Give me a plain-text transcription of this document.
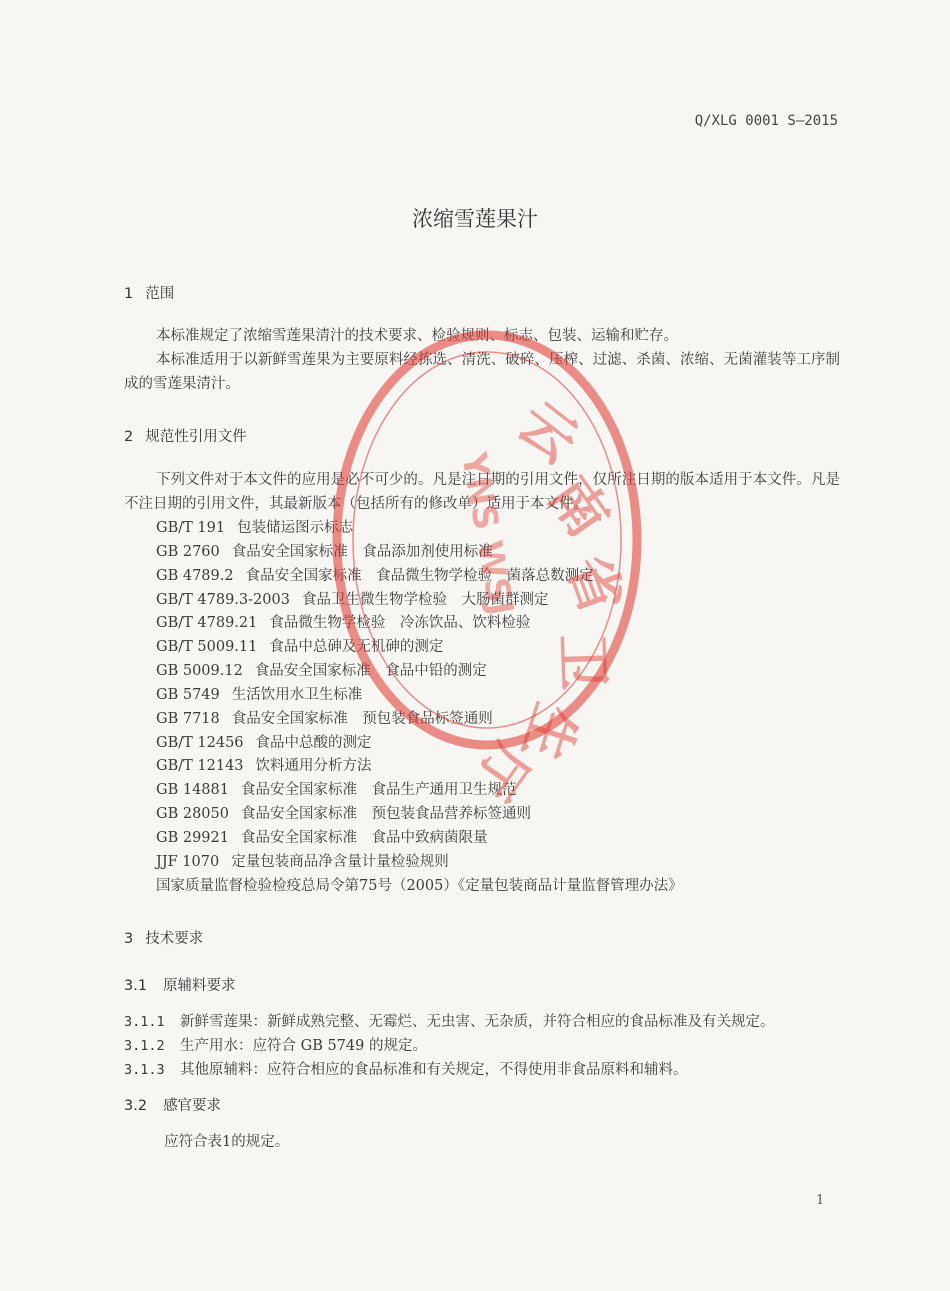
Q/XLG 0001 S—2015
浓缩雪莲果汁
1 范围

本标准规定了浓缩雪莲果清汁的技术要求、检验规则、标志、包装、运输和贮存。

本标准适用于以新鲜雪莲果为主要原料经拣选、清洗、破碎、压榨、过滤、杀菌、浓缩、无菌灌装等工序制成的雪莲果清汁。

2 规范性引用文件

下列文件对于本文件的应用是必不可少的。凡是注日期的引用文件，仅所注日期的版本适用于本文件。凡是不注日期的引用文件，其最新版本（包括所有的修改单）适用于本文件。

GB/T 191 包装储运图示标志
GB 2760 食品安全国家标准　食品添加剂使用标准
GB 4789.2 食品安全国家标准　食品微生物学检验　菌落总数测定
GB/T 4789.3-2003 食品卫生微生物学检验　大肠菌群测定
GB/T 4789.21 食品微生物学检验　冷冻饮品、饮料检验
GB/T 5009.11 食品中总砷及无机砷的测定
GB 5009.12 食品安全国家标准　食品中铅的测定
GB 5749 生活饮用水卫生标准
GB 7718 食品安全国家标准　预包装食品标签通则
GB/T 12456 食品中总酸的测定
GB/T 12143 饮料通用分析方法
GB 14881 食品安全国家标准　食品生产通用卫生规范
GB 28050 食品安全国家标准　预包装食品营养标签通则
GB 29921 食品安全国家标准　食品中致病菌限量
JJF 1070 定量包装商品净含量计量检验规则
国家质量监督检验检疫总局令第75号（2005）《定量包装商品计量监督管理办法》
3 技术要求
3.1 原辅料要求
3.1.1 新鲜雪莲果：新鲜成熟完整、无霉烂、无虫害、无杂质，并符合相应的食品标准及有关规定。
3.1.2 生产用水：应符合 GB 5749 的规定。
3.1.3 其他原辅料：应符合相应的食品标准和有关规定，不得使用非食品原料和辅料。
3.2 感官要求
应符合表1的规定。
1
云
南
省
卫
生
厅
YNS WSJ
